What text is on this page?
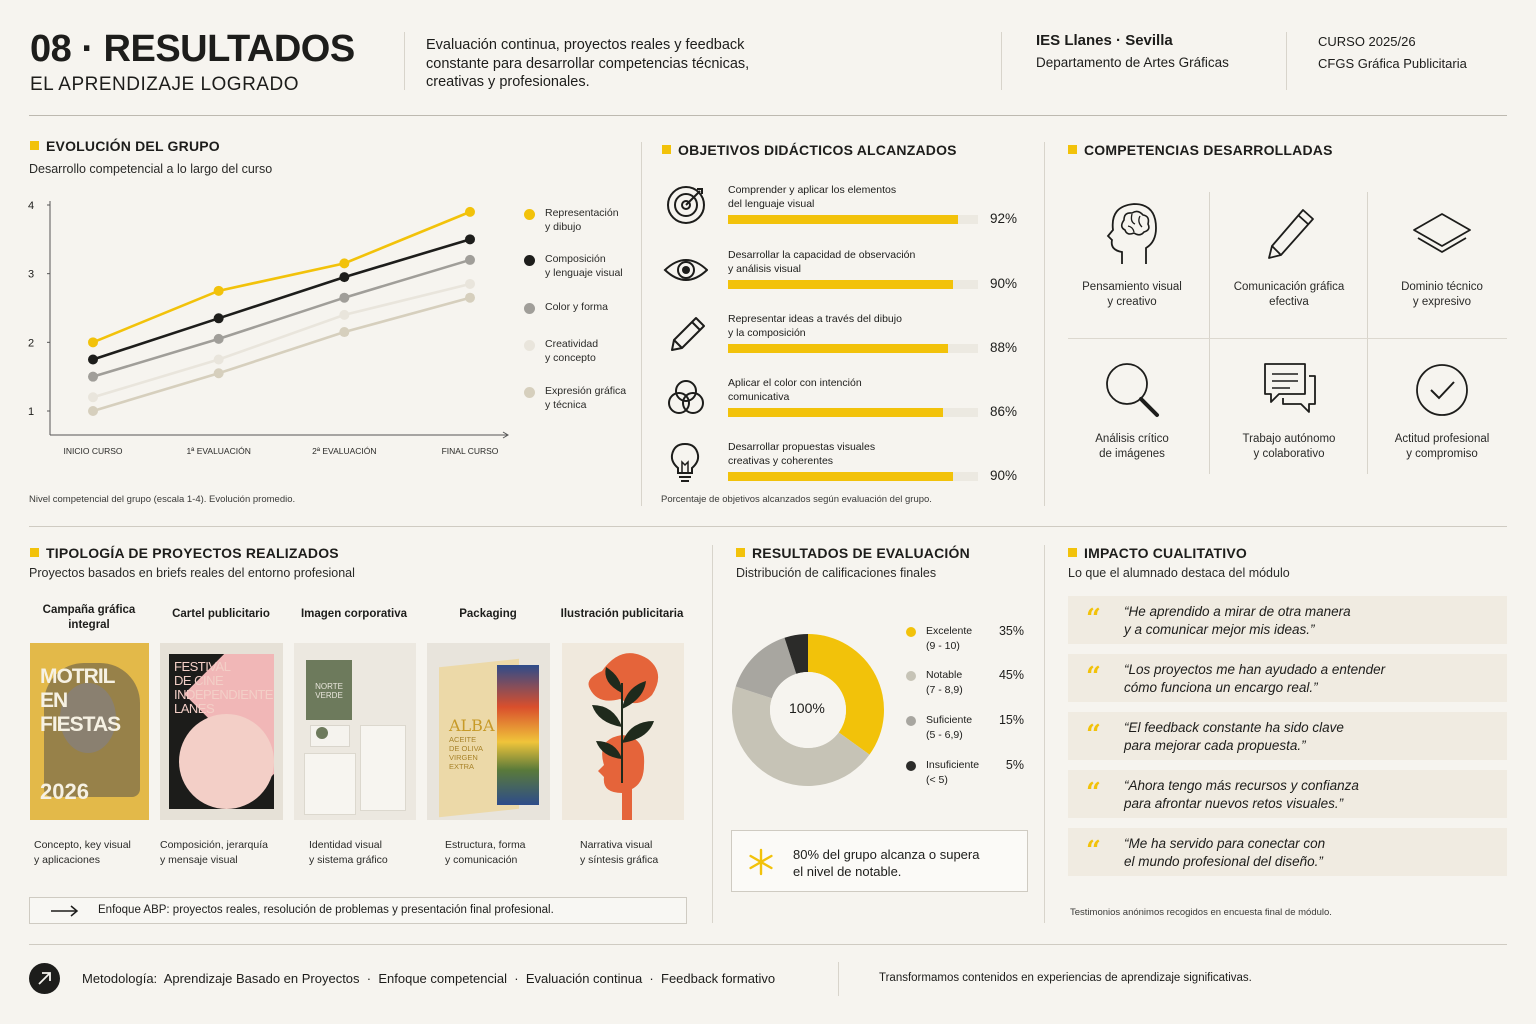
08 · RESULTADOS
EL APRENDIZAJE LOGRADO
Evaluación continua, proyectos reales y feedback
constante para desarrollar competencias técnicas,
creativas y profesionales.
IES Llanes · Sevilla
Departamento de Artes Gráficas
CURSO 2025/26
CFGS Gráfica Publicitaria
EVOLUCIÓN DEL GRUPO
Desarrollo competencial a lo largo del curso
1
2
3
4
INICIO CURSO	1ª EVALUACIÓN	2ª EVALUACIÓN	FINAL CURSO
Representación
y dibujo
Composición
y lenguaje visual
Color y forma
Creatividad
y concepto
Expresión gráfica
y técnica
Nivel competencial del grupo (escala 1-4). Evolución promedio.
OBJETIVOS DIDÁCTICOS ALCANZADOS
Comprender y aplicar los elementos
del lenguaje visual
92%
Desarrollar la capacidad de observación
y análisis visual
90%
Representar ideas a través del dibujo
y la composición
88%
Aplicar el color con intención
comunicativa
86%
Desarrollar propuestas visuales
creativas y coherentes
90%
Porcentaje de objetivos alcanzados según evaluación del grupo.
COMPETENCIAS DESARROLLADAS
Pensamiento visual
y creativo
Comunicación gráfica
efectiva
Dominio técnico
y expresivo
Análisis crítico
de imágenes
Trabajo autónomo
y colaborativo
Actitud profesional
y compromiso
TIPOLOGÍA DE PROYECTOS REALIZADOS
Proyectos basados en briefs reales del entorno profesional
Campaña gráfica
integral
Cartel publicitario	Imagen corporativa	Packaging	Ilustración publicitaria
MOTRIL
EN
FIESTAS
2026
FESTIVAL
DE CINE
INDEPENDIENTE
LANES
NORTE
VERDE
ALBA
ACEITE
DE OLIVA
VIRGEN
EXTRA
Concepto, key visual
y aplicaciones
Composición, jerarquía
y mensaje visual
Identidad visual
y sistema gráfico
Estructura, forma
y comunicación
Narrativa visual
y síntesis gráfica
Enfoque ABP: proyectos reales, resolución de problemas y presentación final profesional.
RESULTADOS DE EVALUACIÓN
Distribución de calificaciones finales
100%
Excelente
(9 - 10)
35%
Notable
(7 - 8,9)
45%
Suficiente
(5 - 6,9)
15%
Insuficiente
(< 5)
5%
80% del grupo alcanza o supera
el nivel de notable.
IMPACTO CUALITATIVO
Lo que el alumnado destaca del módulo
“ “He aprendido a mirar de otra manera
y a comunicar mejor mis ideas.”
“ “Los proyectos me han ayudado a entender
cómo funciona un encargo real.”
“ “El feedback constante ha sido clave
para mejorar cada propuesta.”
“ “Ahora tengo más recursos y confianza
para afrontar nuevos retos visuales.”
“ “Me ha servido para conectar con
el mundo profesional del diseño.”
Testimonios anónimos recogidos en encuesta final de módulo.
Metodología: Aprendizaje Basado en Proyectos · Enfoque competencial · Evaluación continua · Feedback formativo	Transformamos contenidos en experiencias de aprendizaje significativas.
